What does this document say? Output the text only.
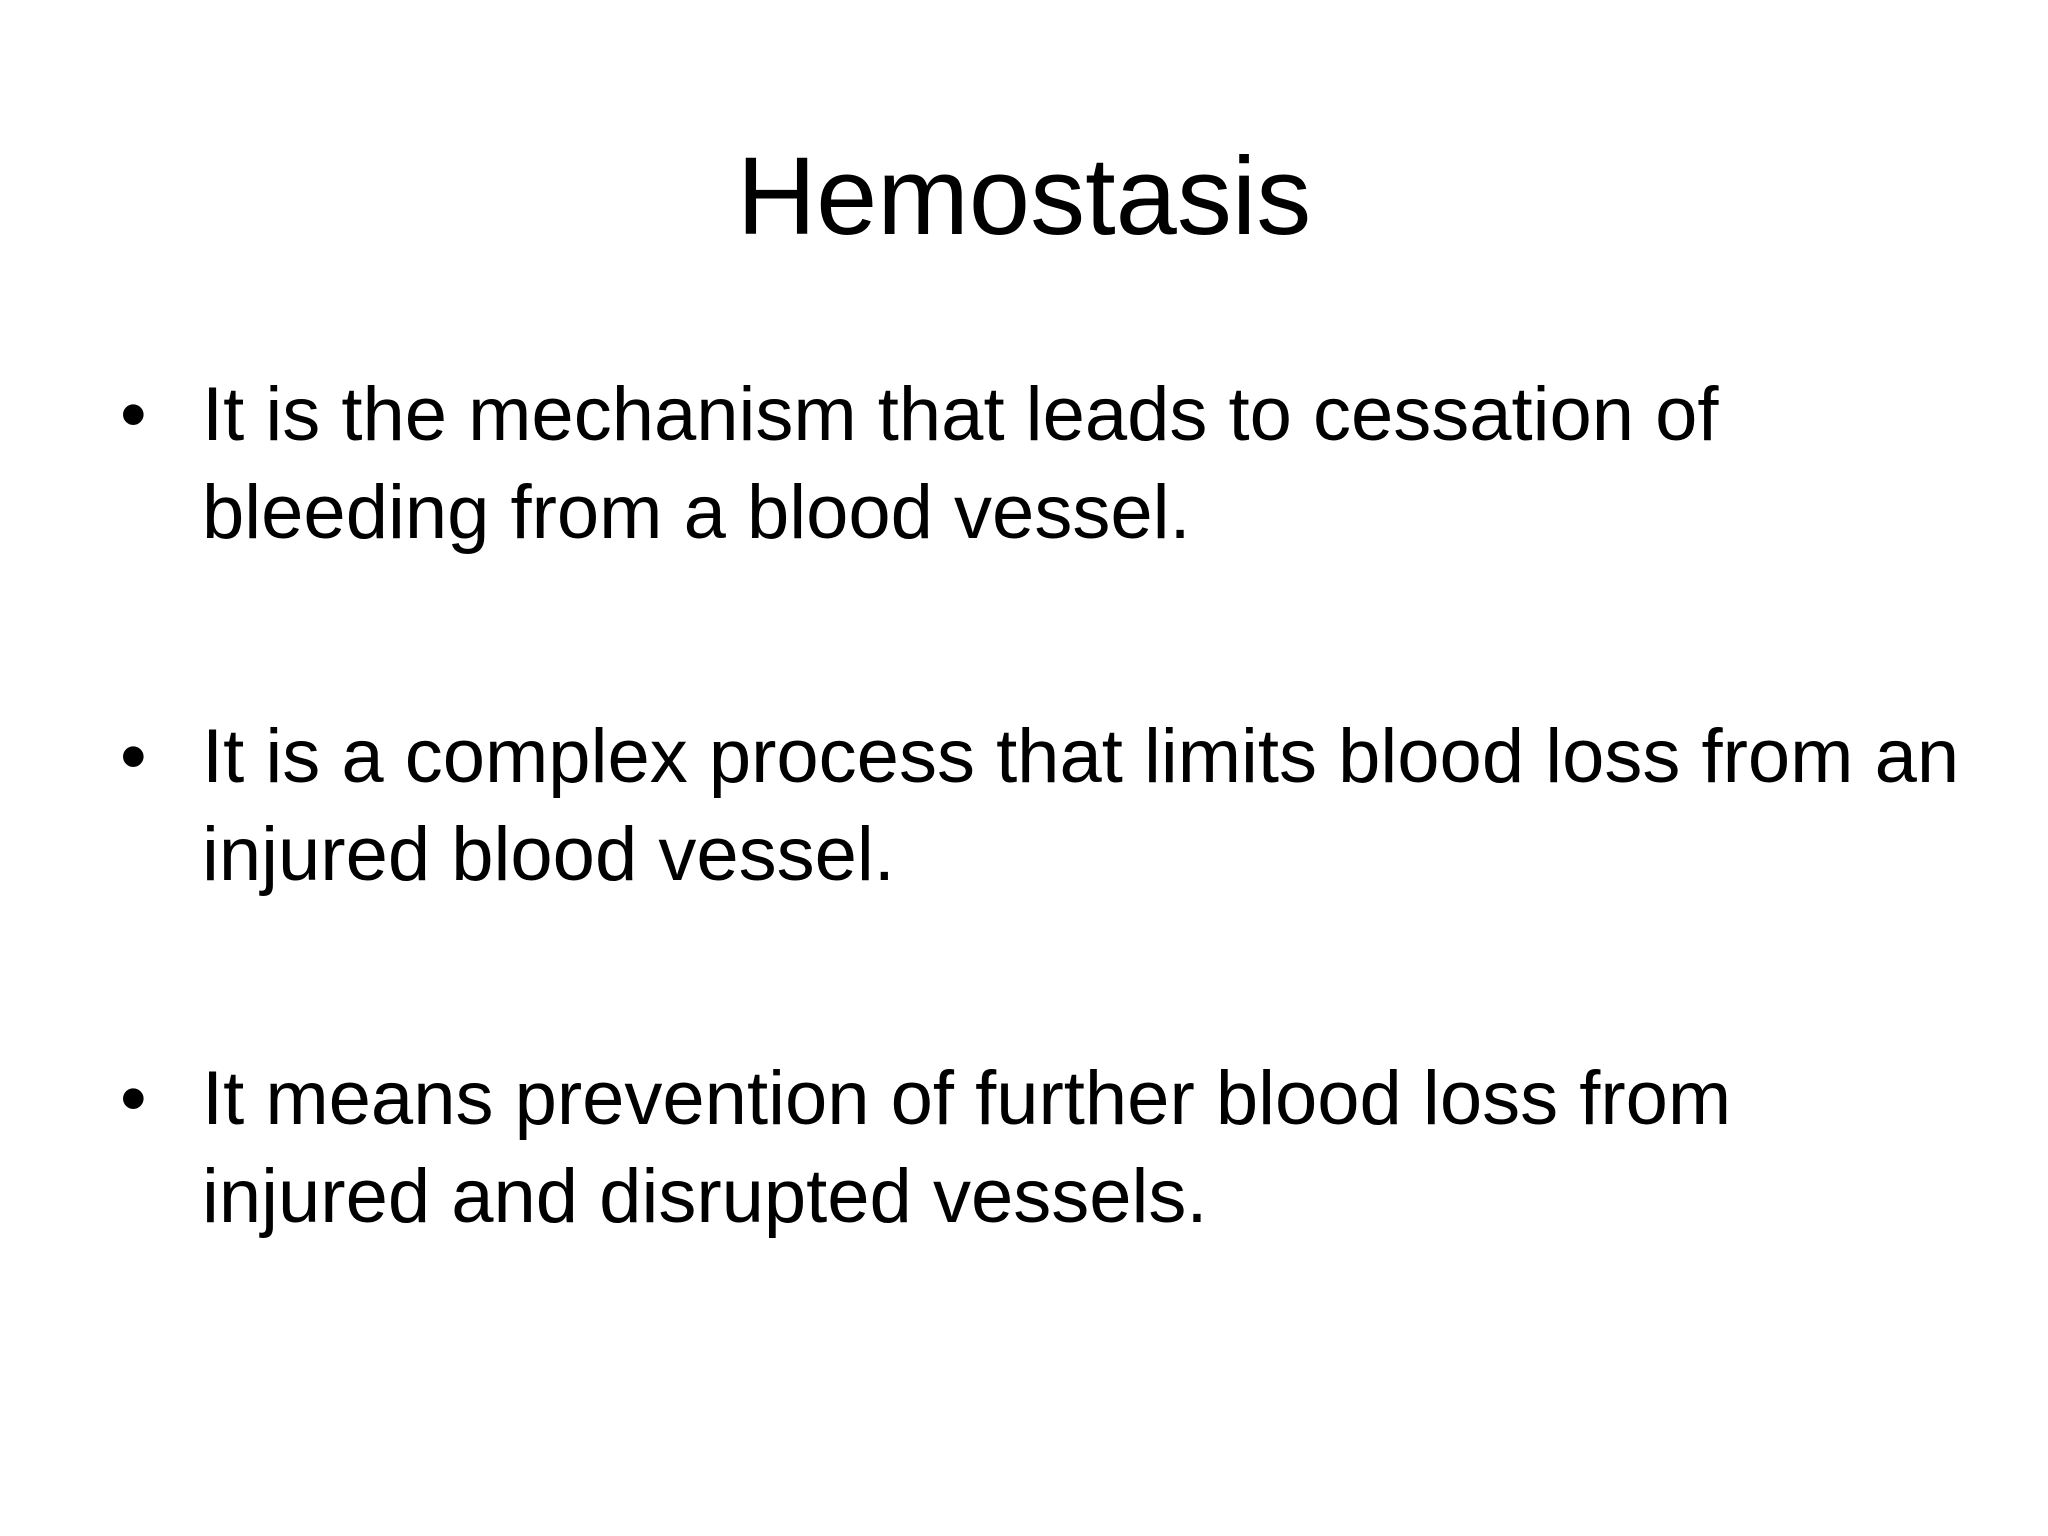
Hemostasis
• It is the mechanism that leads to cessation of bleeding from a blood vessel.
• It is a complex process that limits blood loss from an injured blood vessel.
• It means prevention of further blood loss from injured and disrupted vessels.
